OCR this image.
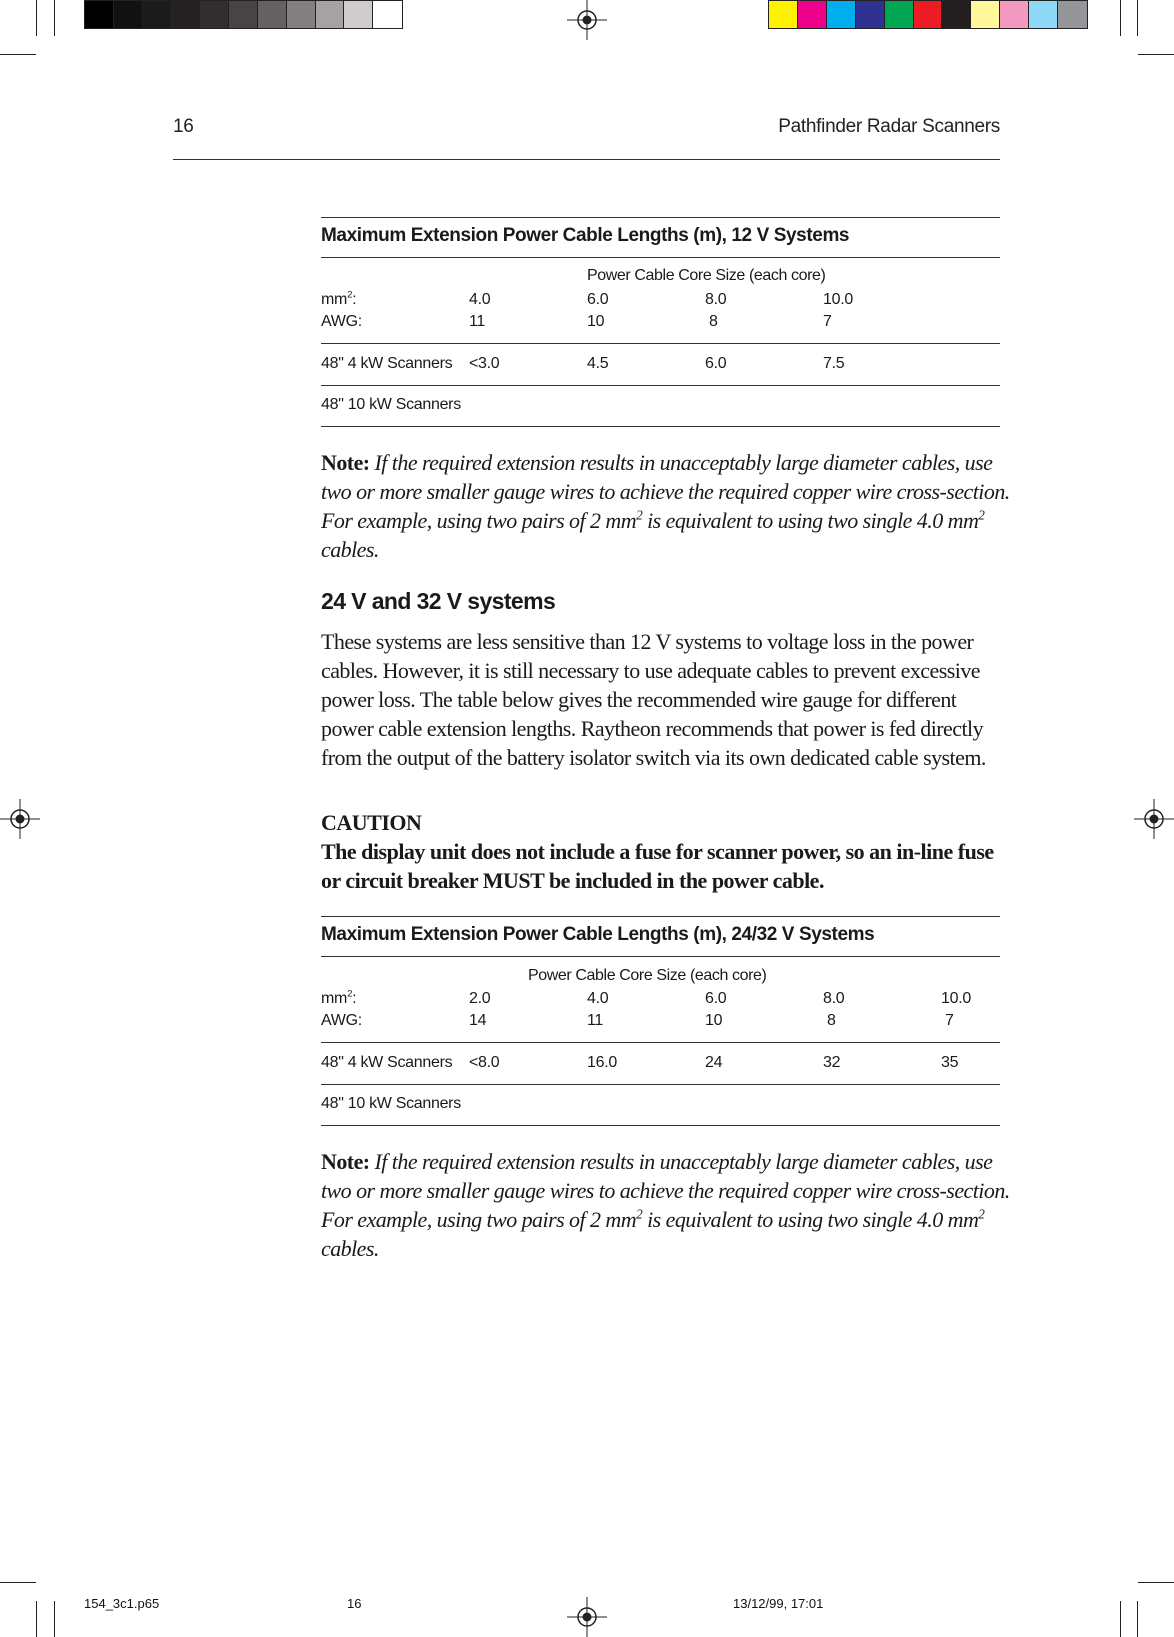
16	Pathfinder Radar Scanners
Maximum Extension Power Cable Lengths (m), 12 V Systems
Power Cable Core Size (each core)
$mm^2$:	4.0	6.0	8.0	10.0
AWG:	11	10	8	7
48" 4 kW Scanners <3.0	4.5	6.0	7.5
48" 10 kW Scanners
Note: If the required extension results in unacceptably large diameter cables, use two or more smaller gauge wires to achieve the required copper wire cross-section. For example, using two pairs of 2 $mm^2$ is equivalent to using two single 4.0 $mm^2$ cables.
24 V and 32 V systems
These systems are less sensitive than 12 V systems to voltage loss in the power cables. However, it is still necessary to use adequate cables to prevent excessive power loss. The table below gives the recommended wire gauge for different power cable extension lengths. Raytheon recommends that power is fed directly from the output of the battery isolator switch via its own dedicated cable system.
CAUTION
The display unit does not include a fuse for scanner power, so an in-line fuse or circuit breaker MUST be included in the power cable.
Maximum Extension Power Cable Lengths (m), 24/32 V Systems
Power Cable Core Size (each core)
$mm^2$:	2.0	4.0	6.0	8.0	10.0
AWG:	14	11	10	8	7
48" 4 kW Scanners <8.0	16.0	24	32	35
48" 10 kW Scanners
Note: If the required extension results in unacceptably large diameter cables, use two or more smaller gauge wires to achieve the required copper wire cross-section. For example, using two pairs of 2 $mm^2$ is equivalent to using two single 4.0 $mm^2$ cables.
154_3c1.p65	16	13/12/99, 17:01
